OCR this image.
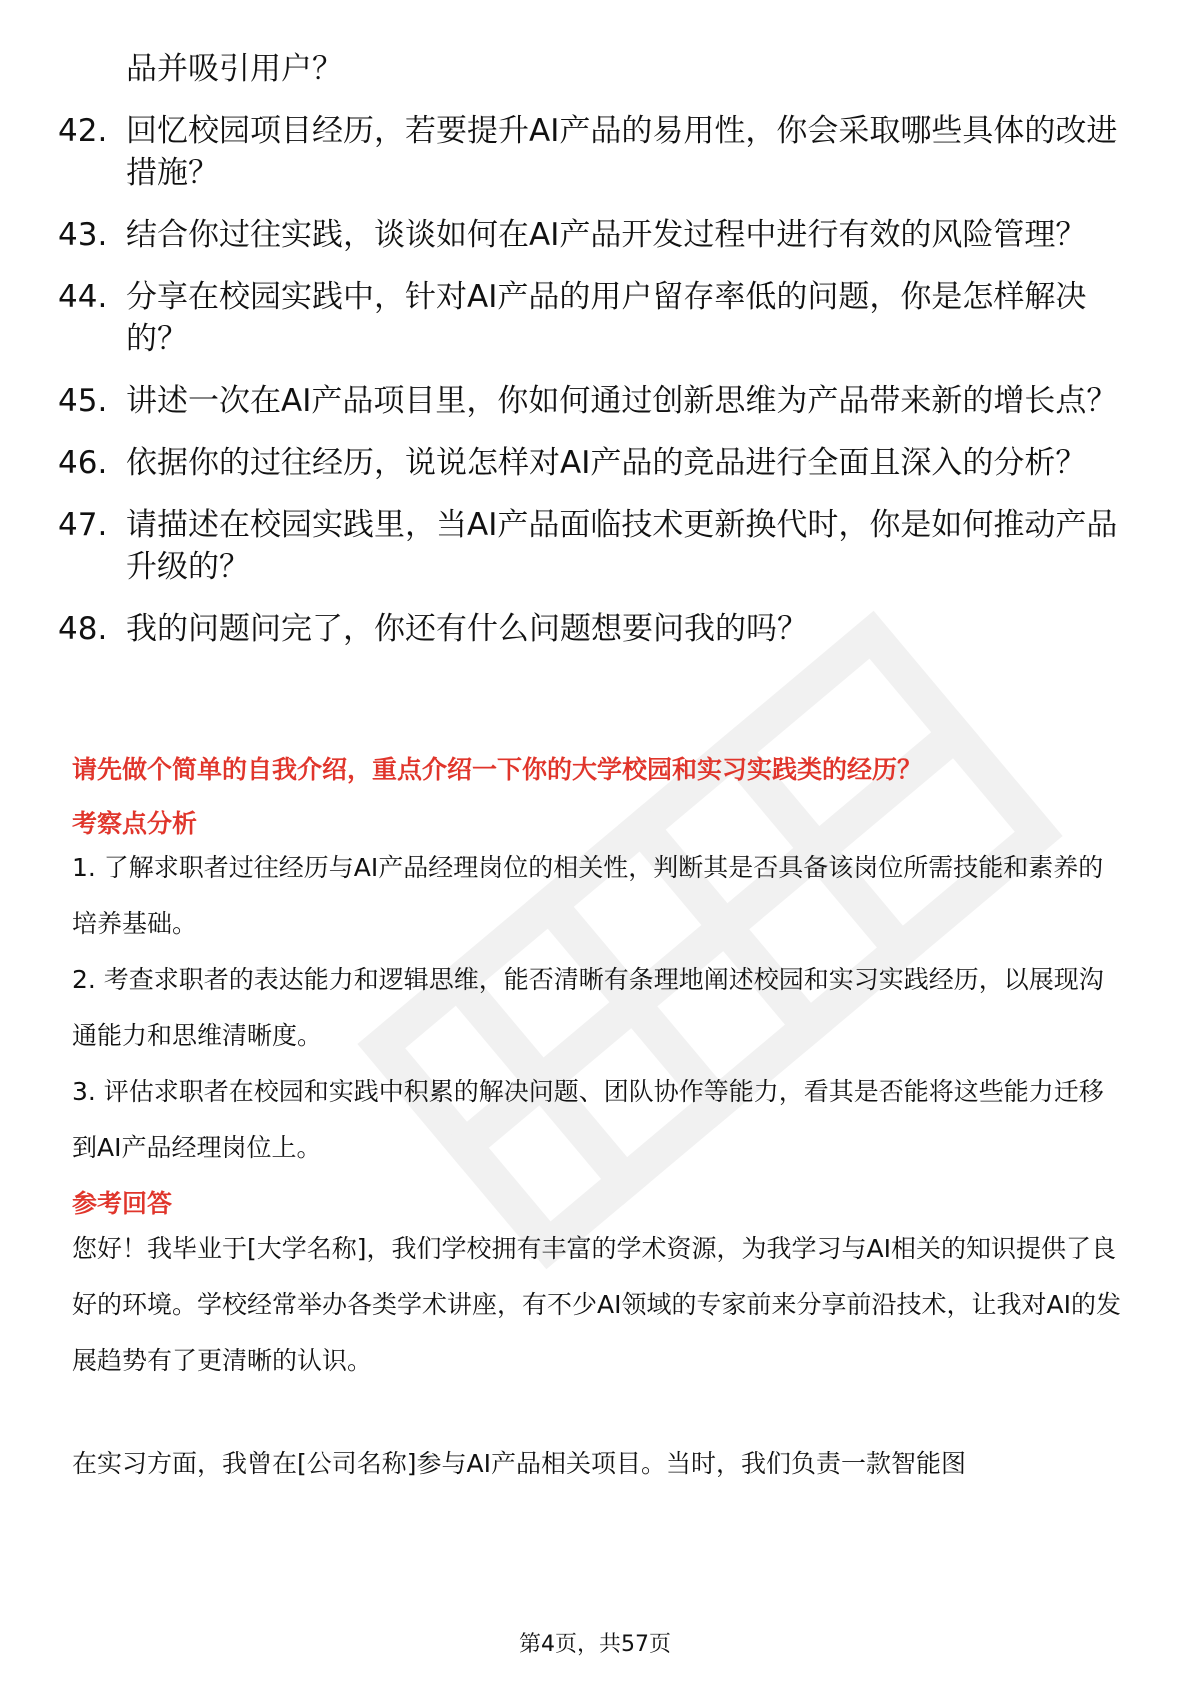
品并吸引用户？
42. 回忆校园项目经历，若要提升AI产品的易用性，你会采取哪些具体的改进措施？
43. 结合你过往实践，谈谈如何在AI产品开发过程中进行有效的风险管理？
44. 分享在校园实践中，针对AI产品的用户留存率低的问题，你是怎样解决的？
45. 讲述一次在AI产品项目里，你如何通过创新思维为产品带来新的增长点？
46. 依据你的过往经历，说说怎样对AI产品的竞品进行全面且深入的分析？
47. 请描述在校园实践里，当AI产品面临技术更新换代时，你是如何推动产品升级的？
48. 我的问题问完了，你还有什么问题想要问我的吗？
请先做个简单的自我介绍，重点介绍一下你的大学校园和实习实践类的经历？
考察点分析
1. 了解求职者过往经历与AI产品经理岗位的相关性，判断其是否具备该岗位所需技能和素养的培养基础。
2. 考查求职者的表达能力和逻辑思维，能否清晰有条理地阐述校园和实习实践经历，以展现沟通能力和思维清晰度。
3. 评估求职者在校园和实践中积累的解决问题、团队协作等能力，看其是否能将这些能力迁移到AI产品经理岗位上。
参考回答
您好！我毕业于[大学名称]，我们学校拥有丰富的学术资源，为我学习与AI相关的知识提供了良好的环境。学校经常举办各类学术讲座，有不少AI领域的专家前来分享前沿技术，让我对AI的发展趋势有了更清晰的认识。
在实习方面，我曾在[公司名称]参与AI产品相关项目。当时，我们负责一款智能图
第4页，共57页
